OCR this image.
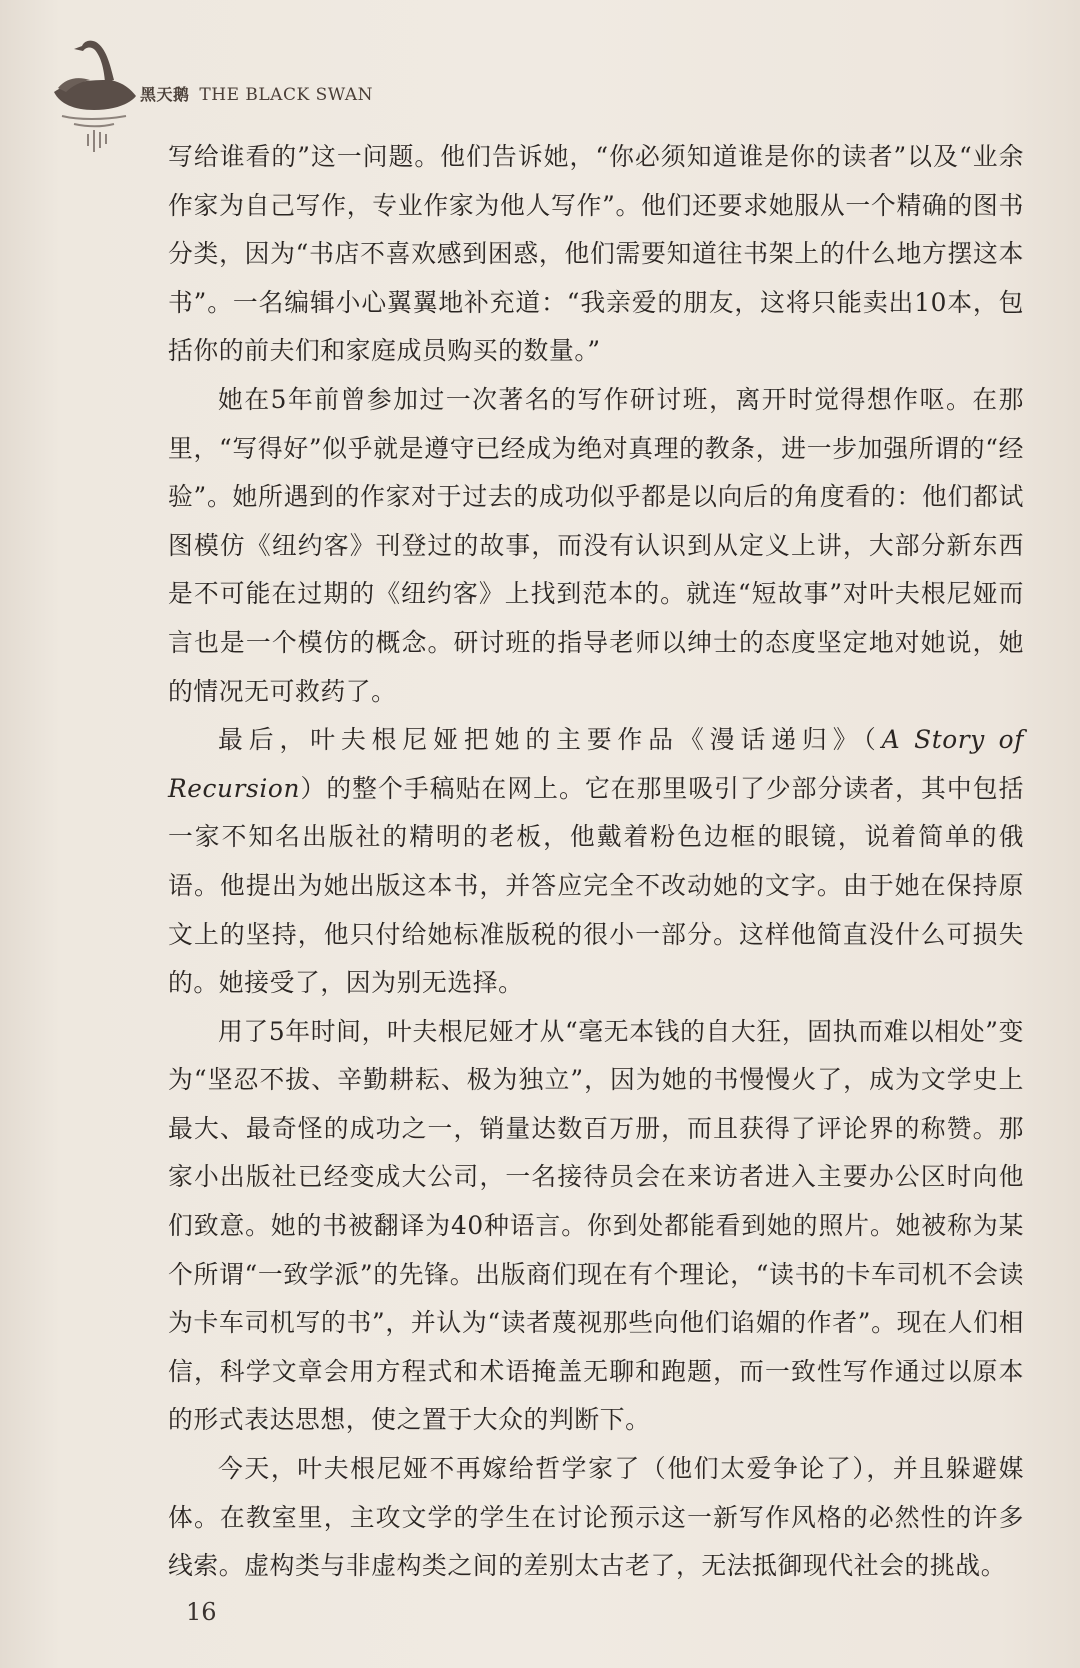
黑天鹅 THE BLACK SWAN

写给谁看的”这一问题。他们告诉她，“你必须知道谁是你的读者”以及“业余作家为自己写作，专业作家为他人写作”。他们还要求她服从一个精确的图书分类，因为“书店不喜欢感到困惑，他们需要知道往书架上的什么地方摆这本书”。一名编辑小心翼翼地补充道：“我亲爱的朋友，这将只能卖出10本，包括你的前夫们和家庭成员购买的数量。”

她在5年前曾参加过一次著名的写作研讨班，离开时觉得想作呕。在那里，“写得好”似乎就是遵守已经成为绝对真理的教条，进一步加强所谓的“经验”。她所遇到的作家对于过去的成功似乎都是以向后的角度看的：他们都试图模仿《纽约客》刊登过的故事，而没有认识到从定义上讲，大部分新东西是不可能在过期的《纽约客》上找到范本的。就连“短故事”对叶夫根尼娅而言也是一个模仿的概念。研讨班的指导老师以绅士的态度坚定地对她说，她的情况无可救药了。

最后，叶夫根尼娅把她的主要作品《漫话递归》（A Story of Recursion）的整个手稿贴在网上。它在那里吸引了少部分读者，其中包括一家不知名出版社的精明的老板，他戴着粉色边框的眼镜，说着简单的俄语。他提出为她出版这本书，并答应完全不改动她的文字。由于她在保持原文上的坚持，他只付给她标准版税的很小一部分。这样他简直没什么可损失的。她接受了，因为别无选择。

用了5年时间，叶夫根尼娅才从“毫无本钱的自大狂，固执而难以相处”变为“坚忍不拔、辛勤耕耘、极为独立”，因为她的书慢慢火了，成为文学史上最大、最奇怪的成功之一，销量达数百万册，而且获得了评论界的称赞。那家小出版社已经变成大公司，一名接待员会在来访者进入主要办公区时向他们致意。她的书被翻译为40种语言。你到处都能看到她的照片。她被称为某个所谓“一致学派”的先锋。出版商们现在有个理论，“读书的卡车司机不会读为卡车司机写的书”，并认为“读者蔑视那些向他们谄媚的作者”。现在人们相信，科学文章会用方程式和术语掩盖无聊和跑题，而一致性写作通过以原本的形式表达思想，使之置于大众的判断下。

今天，叶夫根尼娅不再嫁给哲学家了（他们太爱争论了），并且躲避媒体。在教室里，主攻文学的学生在讨论预示这一新写作风格的必然性的许多线索。虚构类与非虚构类之间的差别太古老了，无法抵御现代社会的挑战。

16
